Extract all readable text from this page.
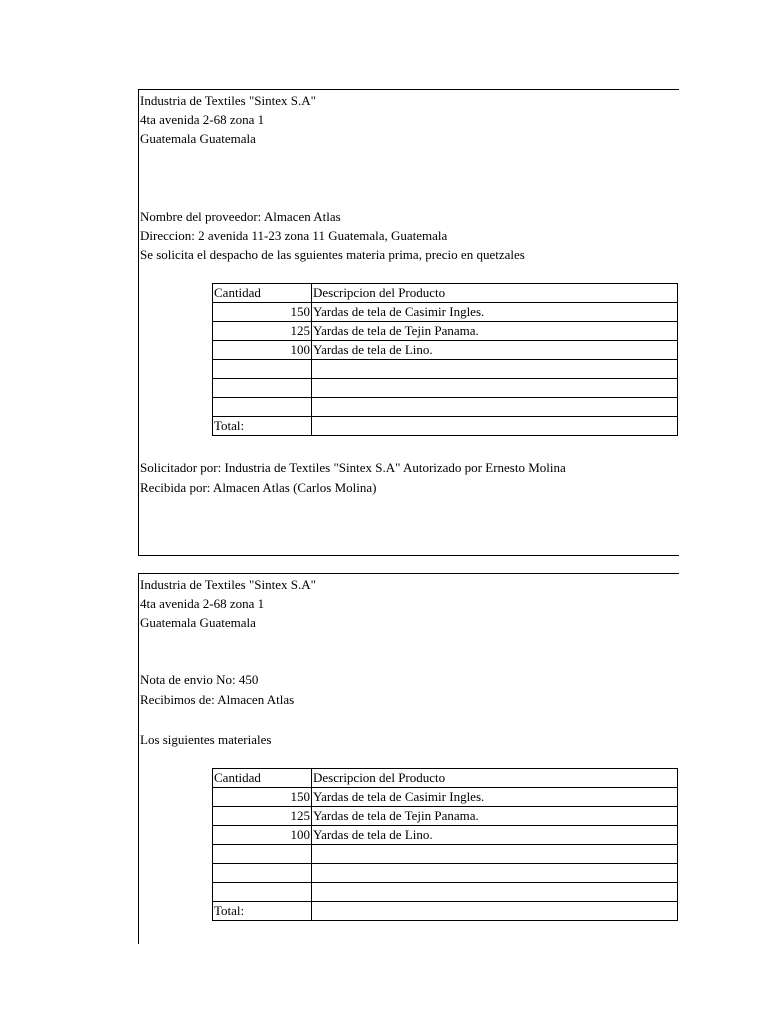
Industria de Textiles "Sintex S.A"
4ta avenida 2-68 zona 1
Guatemala Guatemala
Nombre del proveedor: Almacen Atlas
Direccion: 2 avenida 11-23 zona 11 Guatemala, Guatemala
Se solicita el despacho de las sguientes materia prima, precio en quetzales
Cantidad	Descripcion del Producto
150	Yardas de tela de Casimir Ingles.
125	Yardas de tela de Tejin Panama.
100	Yardas de tela de Lino.

Total:	
Solicitador por: Industria de Textiles "Sintex S.A" Autorizado por Ernesto Molina
Recibida por: Almacen Atlas (Carlos Molina)
Industria de Textiles "Sintex S.A"
4ta avenida 2-68 zona 1
Guatemala Guatemala
Nota de envio No: 450
Recibimos de: Almacen Atlas
Los siguientes materiales
Cantidad	Descripcion del Producto
150	Yardas de tela de Casimir Ingles.
125	Yardas de tela de Tejin Panama.
100	Yardas de tela de Lino.

Total:	
